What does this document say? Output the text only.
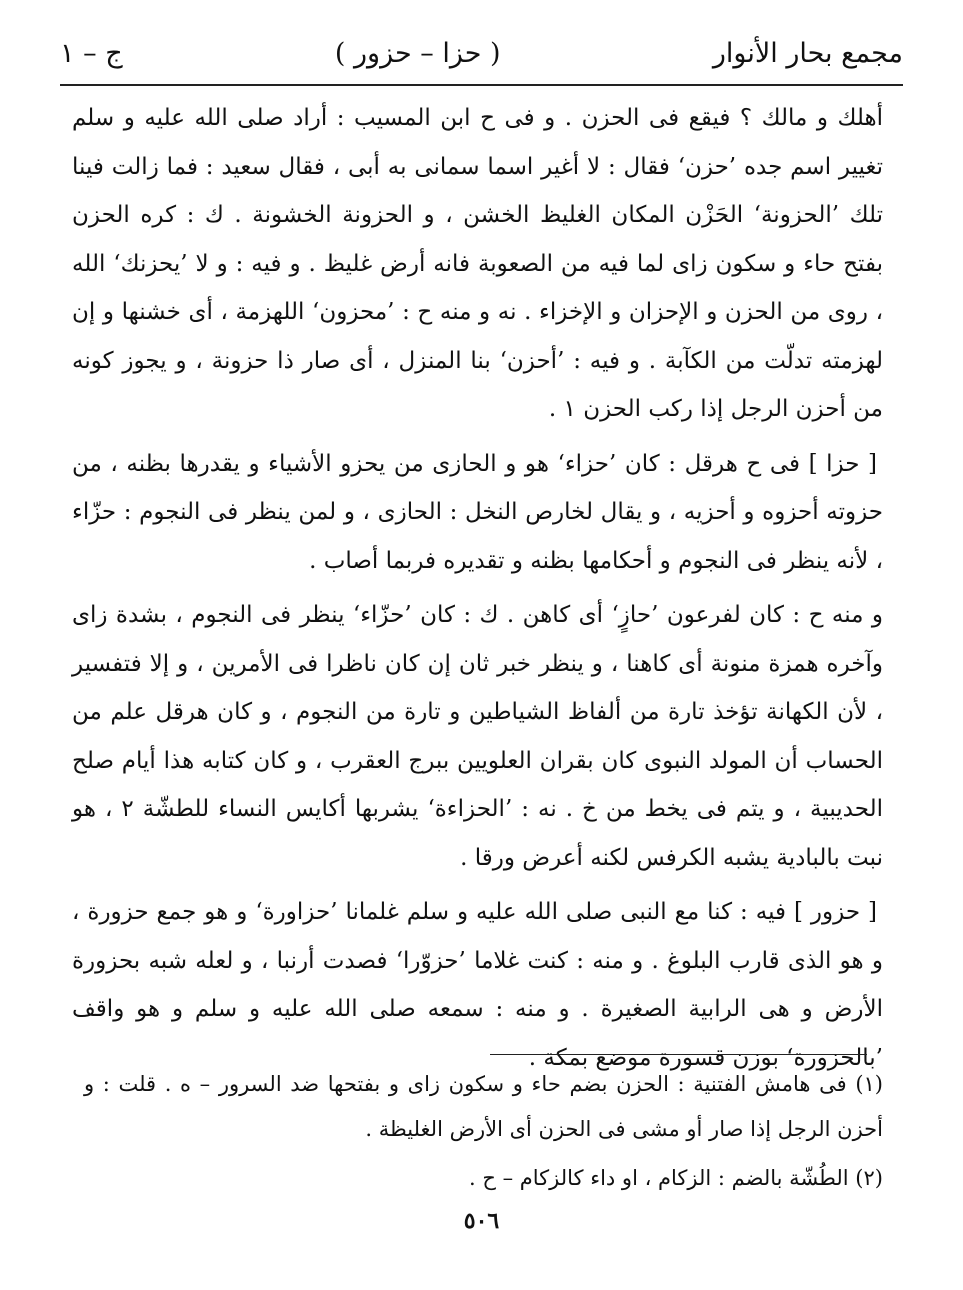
مجمع بحار الأنوار
( حزا – حزور )
ج – ١

أهلك و مالك ؟ فيقع فى الحزن . و فى ح ابن المسيب : أراد صلى الله عليه و سلم تغيير اسم جده ’حزن‘ فقال : لا أغير اسما سمانى به أبى ، فقال سعيد : فما زالت فينا تلك ’الحزونة‘ الحَزْن المكان الغليظ الخشن ، و الحزونة الخشونة . ك : كره الحزن بفتح حاء و سكون زاى لما فيه من الصعوبة فانه أرض غليظ . و فيه : و لا ’يحزنك‘ الله ، روى من الحزن و الإحزان و الإخزاء . نه و منه ح : ’محزون‘ اللهزمة ، أى خشنها و إن لهزمته تدلّت من الكآبة . و فيه : ’أحزن‘ بنا المنزل ، أى صار ذا حزونة ، و يجوز كونه من أحزن الرجل إذا ركب الحزن ١ .

[ حزا ] فى ح هرقل : كان ’حزاء‘ هو و الحازى من يحزو الأشياء و يقدرها بظنه ، من حزوته أحزوه و أحزيه ، و يقال لخارص النخل : الحازى ، و لمن ينظر فى النجوم : حزّاء ، لأنه ينظر فى النجوم و أحكامها بظنه و تقديره فربما أصاب .

و منه ح : كان لفرعون ’حازٍ‘ أى كاهن . ك : كان ’حزّاء‘ ينظر فى النجوم ، بشدة زاى وآخره همزة منونة أى كاهنا ، و ينظر خبر ثان إن كان ناظرا فى الأمرين ، و إلا فتفسير ، لأن الكهانة تؤخذ تارة من ألفاظ الشياطين و تارة من النجوم ، و كان هرقل علم من الحساب أن المولد النبوى كان بقران العلويين ببرج العقرب ، و كان كتابه هذا أيام صلح الحديبية ، و يتم فى يخط من خ . نه : ’الحزاءة‘ يشربها أكايس النساء للطشّة ٢ ، هو نبت بالبادية يشبه الكرفس لكنه أعرض ورقا .

[ حزور ] فيه : كنا مع النبى صلى الله عليه و سلم غلمانا ’حزاورة‘ و هو جمع حزورة ، و هو الذى قارب البلوغ . و منه : كنت غلاما ’حزوّرا‘ فصدت أرنبا ، و لعله شبه بحزورة الأرض و هى الرابية الصغيرة . و منه : سمعه صلى الله عليه و سلم و هو واقف ’بالحزورة‘ بوزن قسورة موضع بمكة .

(١) فى هامش الفتنية : الحزن بضم حاء و سكون زاى و بفتحها ضد السرور – ه . قلت : و أحزن الرجل إذا صار أو مشى فى الحزن أى الأرض الغليظة .

(٢) الطُشّة بالضم : الزكام ، او داء كالزكام – ح .

٥٠٦
